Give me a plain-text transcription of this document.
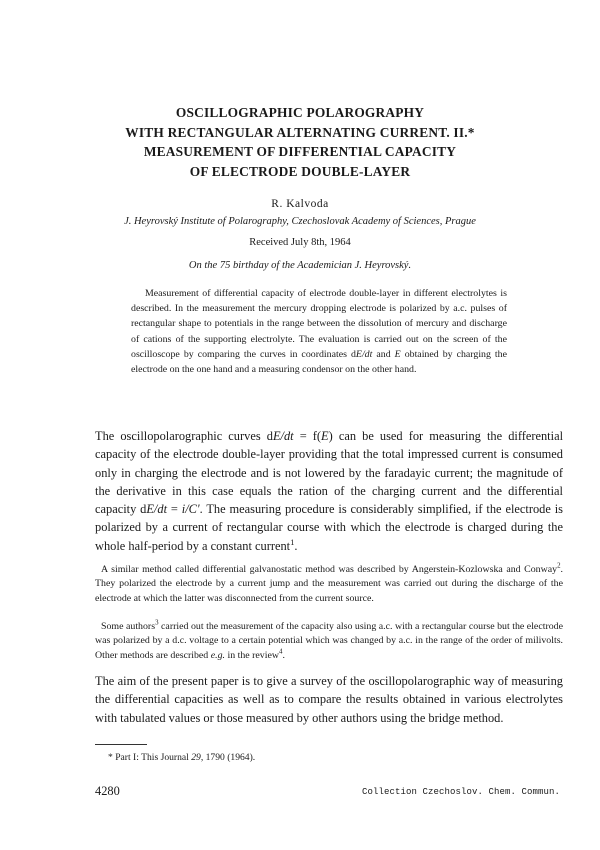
OSCILLOGRAPHIC POLAROGRAPHY
WITH RECTANGULAR ALTERNATING CURRENT. II.*
MEASUREMENT OF DIFFERENTIAL CAPACITY
OF ELECTRODE DOUBLE-LAYER
R. Kalvoda
J. Heyrovský Institute of Polarography, Czechoslovak Academy of Sciences, Prague
Received July 8th, 1964
On the 75 birthday of the Academician J. Heyrovský.
Measurement of differential capacity of electrode double-layer in different electrolytes is described. In the measurement the mercury dropping electrode is polarized by a.c. pulses of rectangular shape to potentials in the range between the dissolution of mercury and discharge of cations of the supporting electrolyte. The evaluation is carried out on the screen of the oscilloscope by comparing the curves in coordinates dE/dt and E obtained by charging the electrode on the one hand and a measuring condensor on the other hand.
The oscillopolarographic curves dE/dt = f(E) can be used for measuring the differential capacity of the electrode double-layer providing that the total impressed current is consumed only in charging the electrode and is not lowered by the faradayic current; the magnitude of the derivative in this case equals the ration of the charging current and the differential capacity dE/dt = i/C'. The measuring procedure is considerably simplified, if the electrode is polarized by a current of rectangular course with which the electrode is charged during the whole half-period by a constant current$^1$.
A similar method called differential galvanostatic method was described by Angerstein-Kozlowska and Conway$^2$. They polarized the electrode by a current jump and the measurement was carried out during the discharge of the electrode at which the latter was disconnected from the current source.
Some authors$^3$ carried out the measurement of the capacity also using a.c. with a rectangular course but the electrode was polarized by a d.c. voltage to a certain potential which was changed by a.c. in the range of the order of milivolts. Other methods are described e.g. in the review$^4$.
The aim of the present paper is to give a survey of the oscillopolarographic way of measuring the differential capacities as well as to compare the results obtained in various electrolytes with tabulated values or those measured by other authors using the bridge method.
* Part I: This Journal 29, 1790 (1964).
4280	Collection Czechoslov. Chem. Commun.
